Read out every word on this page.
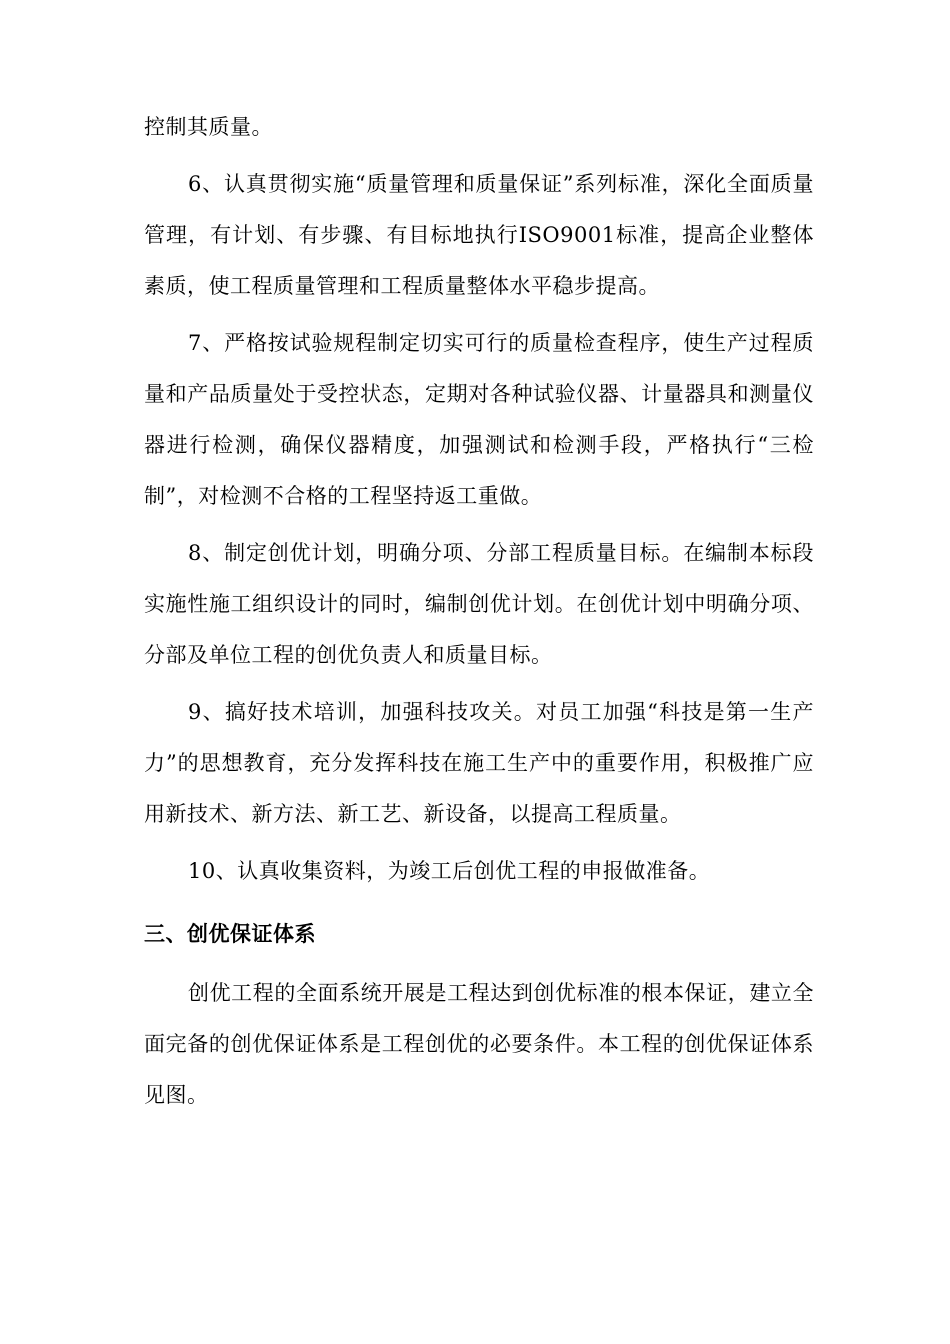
控制其质量。

6、认真贯彻实施“质量管理和质量保证”系列标准，深化全面质量管理，有计划、有步骤、有目标地执行ISO9001标准，提高企业整体素质，使工程质量管理和工程质量整体水平稳步提高。

7、严格按试验规程制定切实可行的质量检查程序，使生产过程质量和产品质量处于受控状态，定期对各种试验仪器、计量器具和测量仪器进行检测，确保仪器精度，加强测试和检测手段，严格执行“三检制”，对检测不合格的工程坚持返工重做。

8、制定创优计划，明确分项、分部工程质量目标。在编制本标段实施性施工组织设计的同时，编制创优计划。在创优计划中明确分项、分部及单位工程的创优负责人和质量目标。

9、搞好技术培训，加强科技攻关。对员工加强“科技是第一生产力”的思想教育，充分发挥科技在施工生产中的重要作用，积极推广应用新技术、新方法、新工艺、新设备，以提高工程质量。

10、认真收集资料，为竣工后创优工程的申报做准备。

三、创优保证体系

创优工程的全面系统开展是工程达到创优标准的根本保证，建立全面完备的创优保证体系是工程创优的必要条件。本工程的创优保证体系见图。
